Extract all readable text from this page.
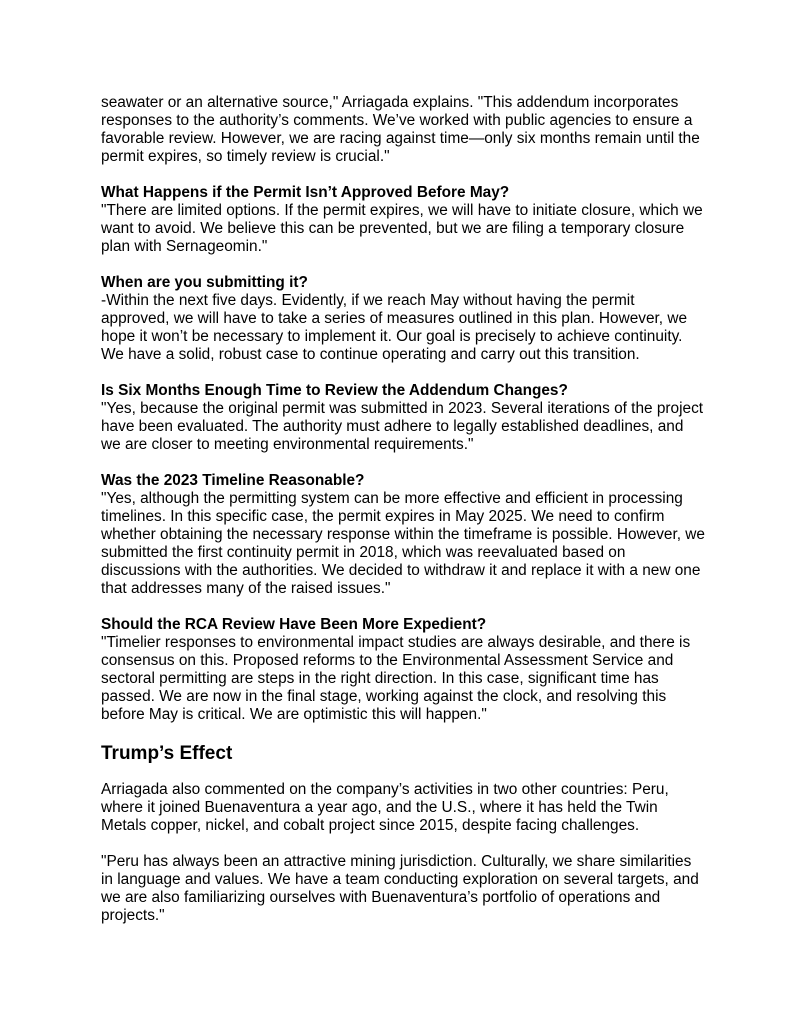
seawater or an alternative source," Arriagada explains. "This addendum incorporates responses to the authority’s comments. We’ve worked with public agencies to ensure a favorable review. However, we are racing against time—only six months remain until the permit expires, so timely review is crucial."

What Happens if the Permit Isn’t Approved Before May?

"There are limited options. If the permit expires, we will have to initiate closure, which we want to avoid. We believe this can be prevented, but we are filing a temporary closure plan with Sernageomin."

When are you submitting it?

-Within the next five days. Evidently, if we reach May without having the permit approved, we will have to take a series of measures outlined in this plan. However, we hope it won’t be necessary to implement it. Our goal is precisely to achieve continuity. We have a solid, robust case to continue operating and carry out this transition.

Is Six Months Enough Time to Review the Addendum Changes?

"Yes, because the original permit was submitted in 2023. Several iterations of the project have been evaluated. The authority must adhere to legally established deadlines, and we are closer to meeting environmental requirements."

Was the 2023 Timeline Reasonable?

"Yes, although the permitting system can be more effective and efficient in processing timelines. In this specific case, the permit expires in May 2025. We need to confirm whether obtaining the necessary response within the timeframe is possible. However, we submitted the first continuity permit in 2018, which was reevaluated based on discussions with the authorities. We decided to withdraw it and replace it with a new one that addresses many of the raised issues."

Should the RCA Review Have Been More Expedient?

"Timelier responses to environmental impact studies are always desirable, and there is consensus on this. Proposed reforms to the Environmental Assessment Service and sectoral permitting are steps in the right direction. In this case, significant time has passed. We are now in the final stage, working against the clock, and resolving this before May is critical. We are optimistic this will happen."

Trump’s Effect

Arriagada also commented on the company’s activities in two other countries: Peru, where it joined Buenaventura a year ago, and the U.S., where it has held the Twin Metals copper, nickel, and cobalt project since 2015, despite facing challenges.

"Peru has always been an attractive mining jurisdiction. Culturally, we share similarities in language and values. We have a team conducting exploration on several targets, and we are also familiarizing ourselves with Buenaventura’s portfolio of operations and projects."
